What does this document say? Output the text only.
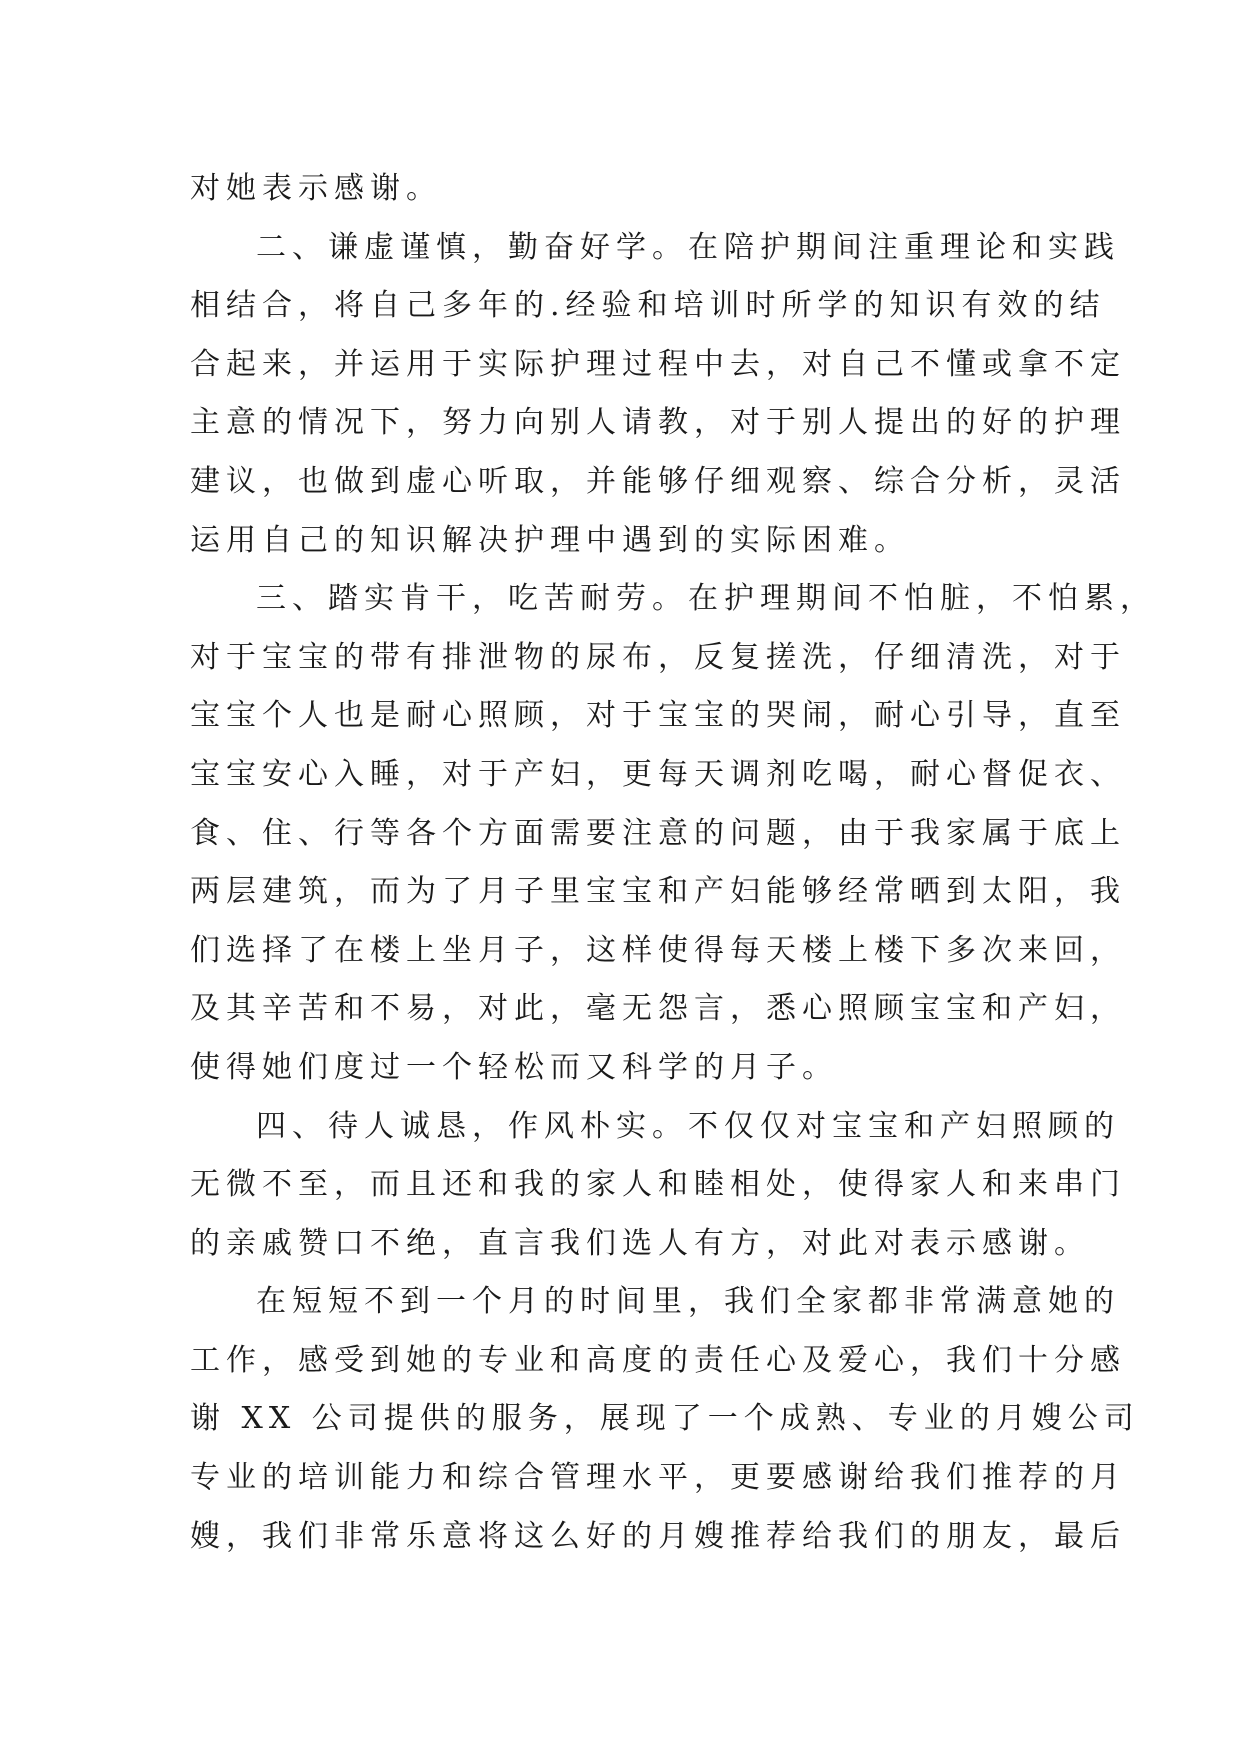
对她表示感谢。
二、谦虚谨慎，勤奋好学。在陪护期间注重理论和实践
相结合，将自己多年的.经验和培训时所学的知识有效的结
合起来，并运用于实际护理过程中去，对自己不懂或拿不定
主意的情况下，努力向别人请教，对于别人提出的好的护理
建议，也做到虚心听取，并能够仔细观察、综合分析，灵活
运用自己的知识解决护理中遇到的实际困难。
三、踏实肯干，吃苦耐劳。在护理期间不怕脏，不怕累，
对于宝宝的带有排泄物的尿布，反复搓洗，仔细清洗，对于
宝宝个人也是耐心照顾，对于宝宝的哭闹，耐心引导，直至
宝宝安心入睡，对于产妇，更每天调剂吃喝，耐心督促衣、
食、住、行等各个方面需要注意的问题，由于我家属于底上
两层建筑，而为了月子里宝宝和产妇能够经常晒到太阳，我
们选择了在楼上坐月子，这样使得每天楼上楼下多次来回，
及其辛苦和不易，对此，毫无怨言，悉心照顾宝宝和产妇，
使得她们度过一个轻松而又科学的月子。
四、待人诚恳，作风朴实。不仅仅对宝宝和产妇照顾的
无微不至，而且还和我的家人和睦相处，使得家人和来串门
的亲戚赞口不绝，直言我们选人有方，对此对表示感谢。
在短短不到一个月的时间里，我们全家都非常满意她的
工作，感受到她的专业和高度的责任心及爱心，我们十分感
谢 XX 公司提供的服务，展现了一个成熟、专业的月嫂公司
专业的培训能力和综合管理水平，更要感谢给我们推荐的月
嫂，我们非常乐意将这么好的月嫂推荐给我们的朋友，最后
